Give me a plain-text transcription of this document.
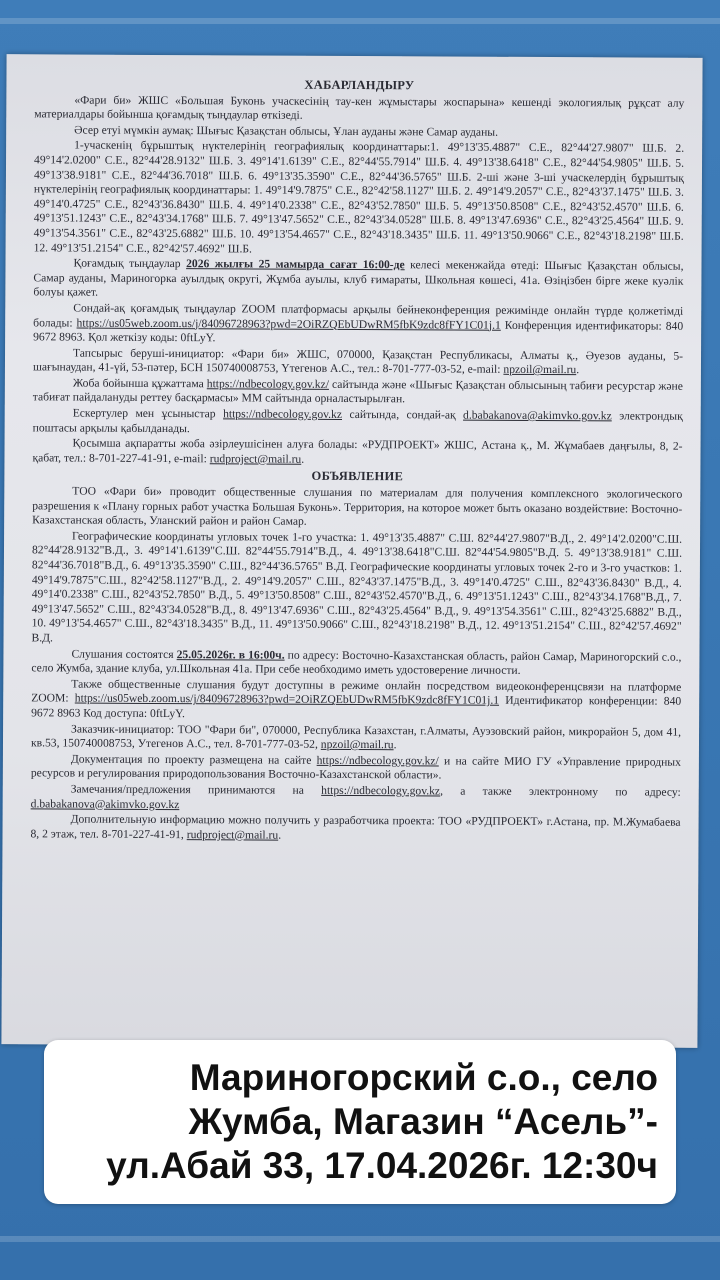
ХАБАРЛАНДЫРУ
«Фари би» ЖШС «Большая Буконь учаскесінің тау-кен жұмыстары жоспарына» кешенді экологиялық рұқсат алу материалдары бойынша қоғамдық тыңдаулар өткізеді.
Әсер етуі мүмкін аумақ: Шығыс Қазақстан облысы, Ұлан ауданы және Самар ауданы.
1-учаскенің бұрыштық нүктелерінің географиялық координаттары:1. 49°13'35.4887" С.Е., 82°44'27.9807" Ш.Б. 2. 49°14'2.0200" С.Е., 82°44'28.9132" Ш.Б. 3. 49°14'1.6139" С.Е., 82°44'55.7914" Ш.Б. 4. 49°13'38.6418" С.Е., 82°44'54.9805" Ш.Б. 5. 49°13'38.9181" С.Е., 82°44'36.7018" Ш.Б. 6. 49°13'35.3590" С.Е., 82°44'36.5765" Ш.Б. 2-ші және 3-ші учаскелердің бұрыштық нүктелерінің географиялық координаттары: 1. 49°14'9.7875" С.Е., 82°42'58.1127" Ш.Б. 2. 49°14'9.2057" С.Е., 82°43'37.1475" Ш.Б. 3. 49°14'0.4725" С.Е., 82°43'36.8430" Ш.Б. 4. 49°14'0.2338" С.Е., 82°43'52.7850" Ш.Б. 5. 49°13'50.8508" С.Е., 82°43'52.4570" Ш.Б. 6. 49°13'51.1243" С.Е., 82°43'34.1768" Ш.Б. 7. 49°13'47.5652" С.Е., 82°43'34.0528" Ш.Б. 8. 49°13'47.6936" С.Е., 82°43'25.4564" Ш.Б. 9. 49°13'54.3561" С.Е., 82°43'25.6882" Ш.Б. 10. 49°13'54.4657" С.Е., 82°43'18.3435" Ш.Б. 11. 49°13'50.9066" С.Е., 82°43'18.2198" Ш.Б. 12. 49°13'51.2154" С.Е., 82°42'57.4692" Ш.Б.
Қоғамдық тыңдаулар 2026 жылғы 25 мамырда сағат 16:00-де келесі мекенжайда өтеді: Шығыс Қазақстан облысы, Самар ауданы, Мариногорка ауылдық округі, Жұмба ауылы, клуб ғимараты, Школьная көшесі, 41а. Өзіңізбен бірге жеке куәлік болуы қажет.
Сондай-ақ қоғамдық тыңдаулар ZOOM платформасы арқылы бейнеконференция режимінде онлайн түрде қолжетімді болады: https://us05web.zoom.us/j/84096728963?pwd=2OiRZQEbUDwRM5fbK9zdc8fFY1C01j.1 Конференция идентификаторы: 840 9672 8963. Қол жеткізу коды: 0ftLyY.
Тапсырыс беруші-инициатор: «Фари би» ЖШС, 070000, Қазақстан Республикасы, Алматы қ., Әуезов ауданы, 5-шағынаудан, 41-үй, 53-пәтер, БСН 150740008753, Үтегенов А.С., тел.: 8-701-777-03-52, e-mail: npzoil@mail.ru.
Жоба бойынша құжаттама https://ndbecology.gov.kz/ сайтында және «Шығыс Қазақстан облысының табиғи ресурстар және табиғат пайдалануды реттеу басқармасы» ММ сайтында орналастырылған.
Ескертулер мен ұсыныстар https://ndbecology.gov.kz сайтында, сондай-ақ d.babakanova@akimvko.gov.kz электрондық поштасы арқылы қабылданады.
Қосымша ақпаратты жоба әзірлеушісінен алуға болады: «РУДПРОЕКТ» ЖШС, Астана қ., М. Жұмабаев даңғылы, 8, 2-қабат, тел.: 8-701-227-41-91, e-mail: rudproject@mail.ru.
ОБЪЯВЛЕНИЕ
ТОО «Фари би» проводит общественные слушания по материалам для получения комплексного экологического разрешения к «Плану горных работ участка Большая Буконь». Территория, на которое может быть оказано воздействие: Восточно-Казахстанская область, Уланский район и район Самар.
Географические координаты угловых точек 1-го участка: 1. 49°13'35.4887" С.Ш. 82°44'27.9807"В.Д., 2. 49°14'2.0200"С.Ш. 82°44'28.9132"В.Д., 3. 49°14'1.6139"С.Ш. 82°44'55.7914"В.Д., 4. 49°13'38.6418"С.Ш. 82°44'54.9805"В.Д. 5. 49°13'38.9181" С.Ш. 82°44'36.7018"В.Д., 6. 49°13'35.3590" С.Ш., 82°44'36.5765" В.Д. Географические координаты угловых точек 2-го и 3-го участков: 1. 49°14'9.7875"С.Ш., 82°42'58.1127"В.Д., 2. 49°14'9.2057" С.Ш., 82°43'37.1475"В.Д., 3. 49°14'0.4725" С.Ш., 82°43'36.8430" В.Д., 4. 49°14'0.2338" С.Ш., 82°43'52.7850" В.Д., 5. 49°13'50.8508" С.Ш., 82°43'52.4570"В.Д., 6. 49°13'51.1243" С.Ш., 82°43'34.1768"В.Д., 7. 49°13'47.5652" С.Ш., 82°43'34.0528"В.Д., 8. 49°13'47.6936" С.Ш., 82°43'25.4564" В.Д., 9. 49°13'54.3561" С.Ш., 82°43'25.6882" В.Д., 10. 49°13'54.4657" С.Ш., 82°43'18.3435" В.Д., 11. 49°13'50.9066" С.Ш., 82°43'18.2198" В.Д., 12. 49°13'51.2154" С.Ш., 82°42'57.4692" В.Д.
Слушания состоятся 25.05.2026г. в 16:00ч. по адресу: Восточно-Казахстанская область, район Самар, Мариногорский с.о., село Жумба, здание клуба, ул.Школьная 41а. При себе необходимо иметь удостоверение личности.
Также общественные слушания будут доступны в режиме онлайн посредством видеоконференцсвязи на платформе ZOOM: https://us05web.zoom.us/j/84096728963?pwd=2OiRZQEbUDwRM5fbK9zdc8fFY1C01j.1 Идентификатор конференции: 840 9672 8963 Код доступа: 0ftLyY.
Заказчик-инициатор: ТОО "Фари би", 070000, Республика Казахстан, г.Алматы, Ауэзовский район, микрорайон 5, дом 41, кв.53, 150740008753, Утегенов А.С., тел. 8-701-777-03-52, npzoil@mail.ru.
Документация по проекту размещена на сайте https://ndbecology.gov.kz/ и на сайте МИО ГУ «Управление природных ресурсов и регулирования природопользования Восточно-Казахстанской области».
Замечания/предложения принимаются на https://ndbecology.gov.kz, а также электронному по адресу: d.babakanova@akimvko.gov.kz
Дополнительную информацию можно получить у разработчика проекта: ТОО «РУДПРОЕКТ» г.Астана, пр. М.Жумабаева 8, 2 этаж, тел. 8-701-227-41-91, rudproject@mail.ru.
Мариногорский с.о., село
Жумба, Магазин “Асель”-
ул.Абай 33, 17.04.2026г. 12:30ч
